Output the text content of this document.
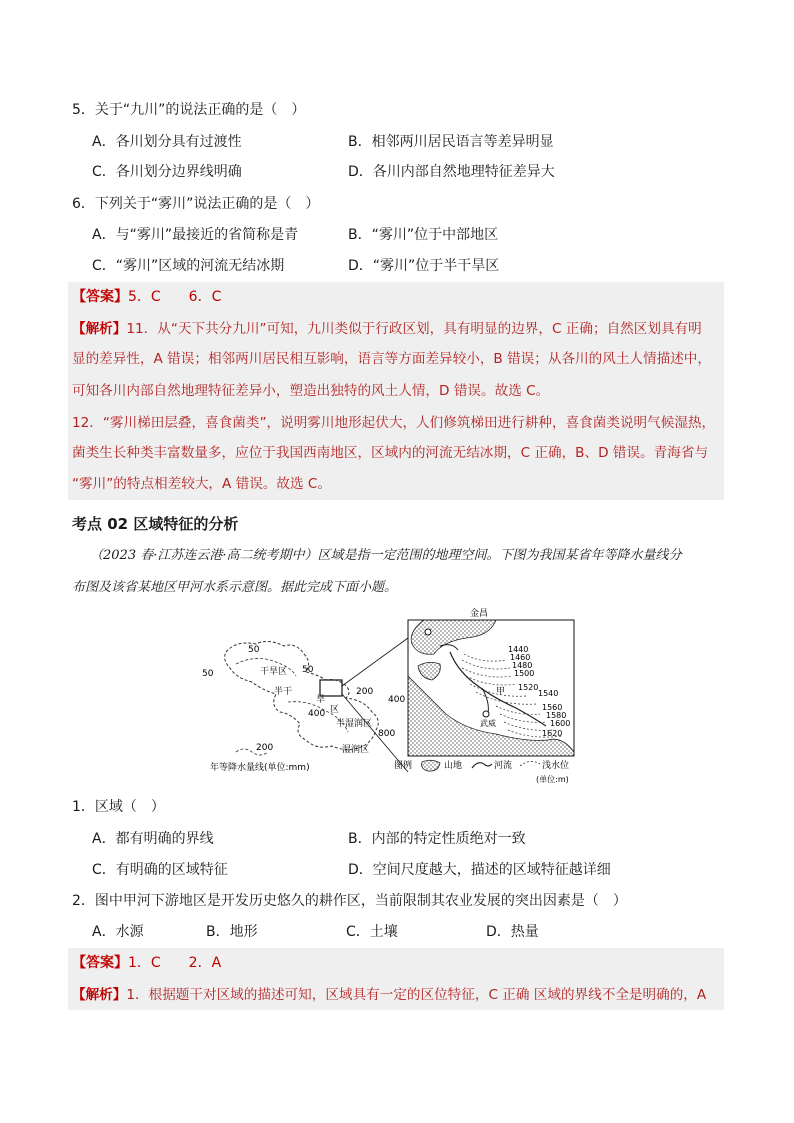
5．关于“九川”的说法正确的是（　）
A．各川划分具有过渡性	B．相邻两川居民语言等差异明显
C．各川划分边界线明确	D．各川内部自然地理特征差异大
6．下列关于“雾川”说法正确的是（　）
A．与“雾川”最接近的省简称是青	B．“雾川”位于中部地区
C．“雾川”区域的河流无结冰期	D．“雾川”位于半干旱区
【答案】5．C　　6．C
【解析】11．从“天下共分九川”可知，九川类似于行政区划，具有明显的边界，C 正确；自然区划具有明
显的差异性，A 错误；相邻两川居民相互影响，语言等方面差异较小，B 错误；从各川的风土人情描述中，
可知各川内部自然地理特征差异小，塑造出独特的风土人情，D 错误。故选 C。
12．“雾川梯田层叠，喜食菌类”，说明雾川地形起伏大，人们修筑梯田进行耕种，喜食菌类说明气候湿热，
菌类生长种类丰富数量多，应位于我国西南地区，区域内的河流无结冰期，C 正确，B、D 错误。青海省与
“雾川”的特点相差较大，A 错误。故选 C。
考点 02 区域特征的分析
（2023 春·江苏连云港·高二统考期中）区域是指一定范围的地理空间。下图为我国某省年等降水量线分
布图及该省某地区甲河水系示意图。据此完成下面小题。
50
50	50
干旱区
半干
旱
区
200
400
400
800
半湿润区
湿润区
200
年等降水量线(单位:mm)
金昌
武威
甲
1440
1460
1480
1500
1520
1540
1560
1580
1600
1620
图例	山地	河流	浅水位
(单位:m)
1．区域（　）
A．都有明确的界线	B．内部的特定性质绝对一致
C．有明确的区域特征	D．空间尺度越大，描述的区域特征越详细
2．图中甲河下游地区是开发历史悠久的耕作区，当前限制其农业发展的突出因素是（　）
A．水源	B．地形	C．土壤	D．热量
【答案】1．C　　2．A
【解析】1．根据题干对区域的描述可知，区域具有一定的区位特征，C 正确 区域的界线不全是明确的，A
